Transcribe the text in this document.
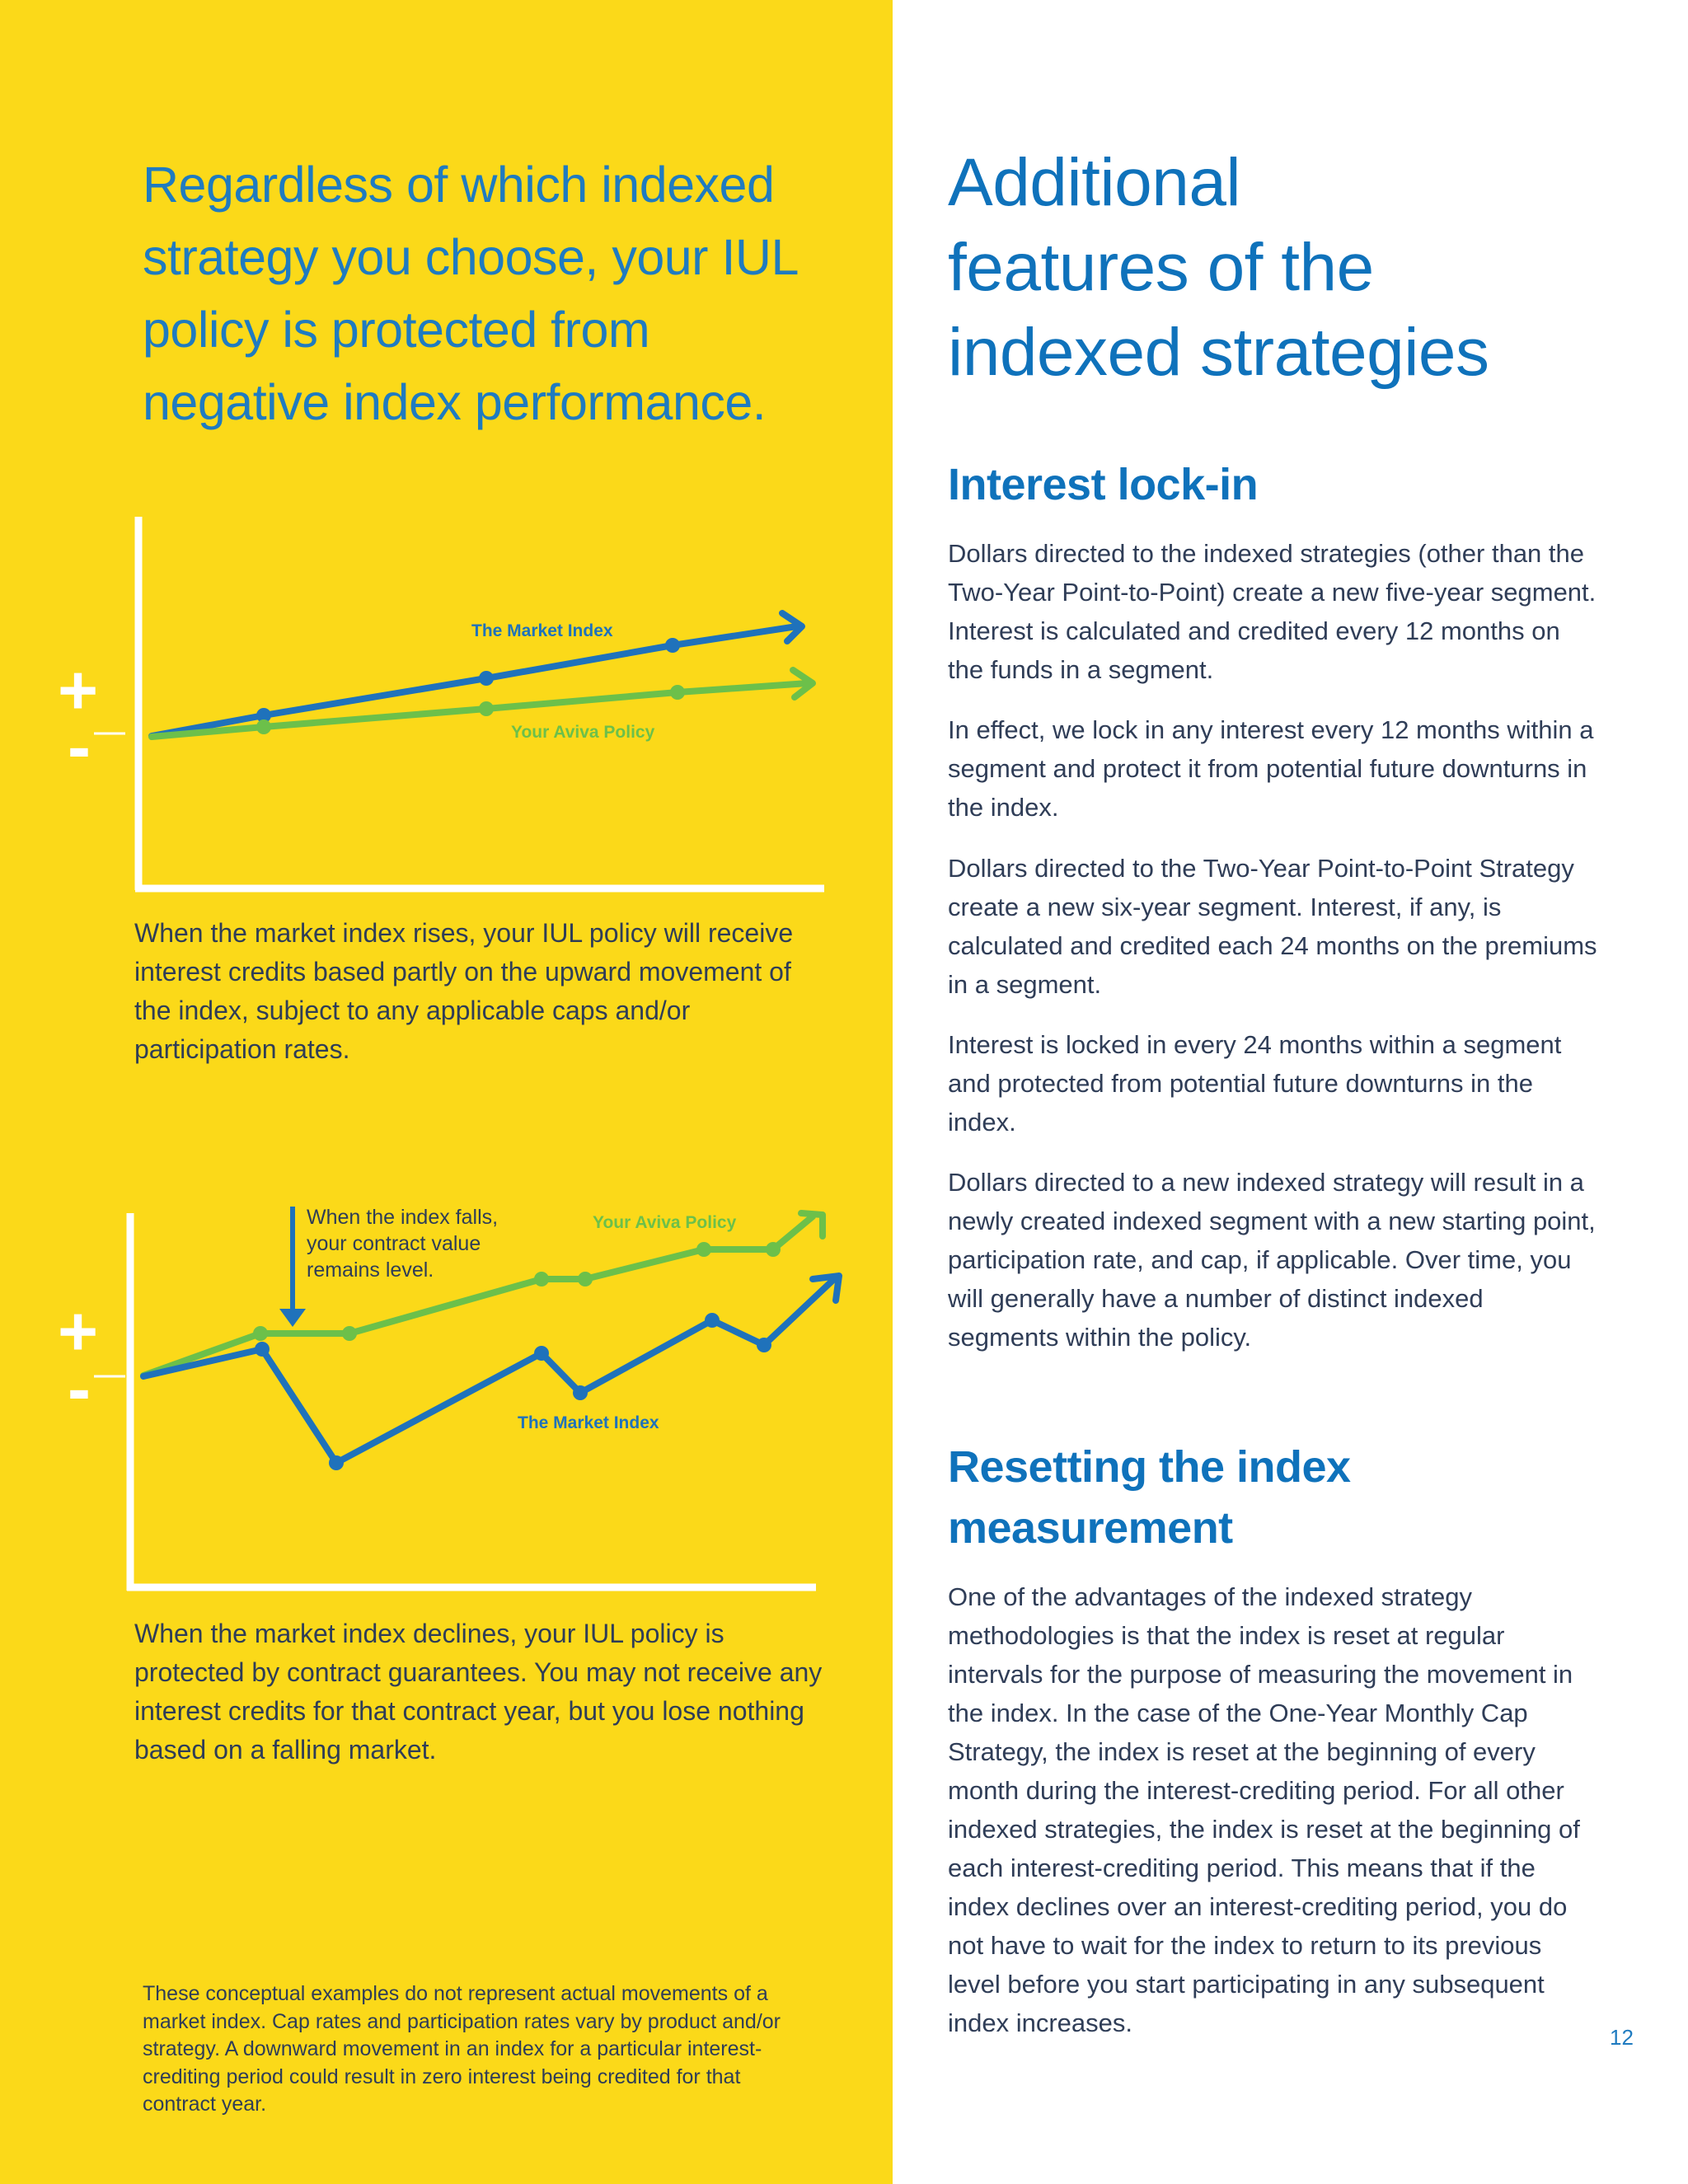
Regardless of which indexed strategy you choose, your IUL policy is protected from negative index performance.
+
-
The Market Index
Your Aviva Policy
When the market index rises, your IUL policy will receive interest credits based partly on the upward movement of the index, subject to any applicable caps and/or participation rates.
+
-
When the index falls,
your contract value
remains level.
Your Aviva Policy
The Market Index
When the market index declines, your IUL policy is protected by contract guarantees. You may not receive any interest credits for that contract year, but you lose nothing based on a falling market.
These conceptual examples do not represent actual movements of a market index. Cap rates and participation rates vary by product and/or strategy. A downward movement in an index for a particular interest-crediting period could result in zero interest being credited for that contract year.
Additional
features of the
indexed strategies
Interest lock-in

Dollars directed to the indexed strategies (other than the Two-Year Point-to-Point) create a new five-year segment. Interest is calculated and credited every 12 months on the funds in a segment.

In effect, we lock in any interest every 12 months within a segment and protect it from potential future downturns in the index.

Dollars directed to the Two-Year Point-to-Point Strategy create a new six-year segment. Interest, if any, is calculated and credited each 24 months on the premiums in a segment.

Interest is locked in every 24 months within a segment and protected from potential future downturns in the index.

Dollars directed to a new indexed strategy will result in a newly created indexed segment with a new starting point, participation rate, and cap, if applicable. Over time, you will generally have a number of distinct indexed segments within the policy.

Resetting the index
measurement

One of the advantages of the indexed strategy methodologies is that the index is reset at regular intervals for the purpose of measuring the movement in the index. In the case of the One-Year Monthly Cap Strategy, the index is reset at the beginning of every month during the interest-crediting period. For all other indexed strategies, the index is reset at the beginning of each interest-crediting period. This means that if the index declines over an interest-crediting period, you do not have to wait for the index to return to its previous level before you start participating in any subsequent index increases.	12
